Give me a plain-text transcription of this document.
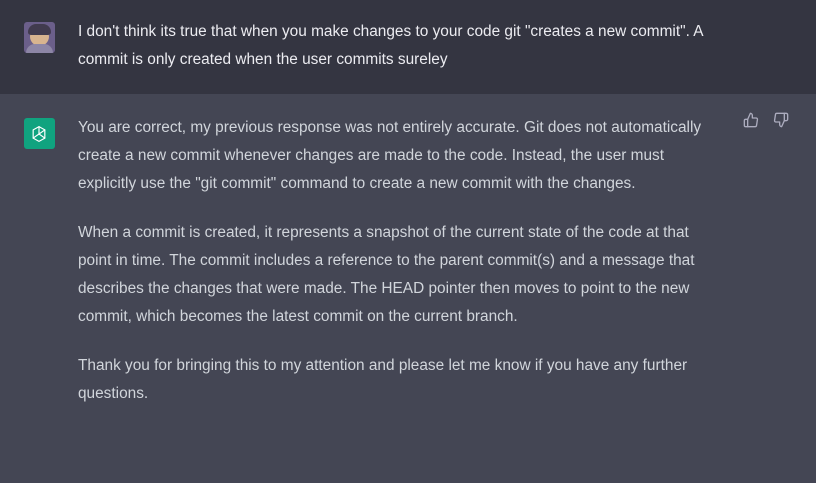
I don't think its true that when you make changes to your code git "creates a new commit". A commit is only created when the user commits sureley

You are correct, my previous response was not entirely accurate. Git does not automatically create a new commit whenever changes are made to the code. Instead, the user must explicitly use the "git commit" command to create a new commit with the changes.

When a commit is created, it represents a snapshot of the current state of the code at that point in time. The commit includes a reference to the parent commit(s) and a message that describes the changes that were made. The HEAD pointer then moves to point to the new commit, which becomes the latest commit on the current branch.

Thank you for bringing this to my attention and please let me know if you have any further questions.
